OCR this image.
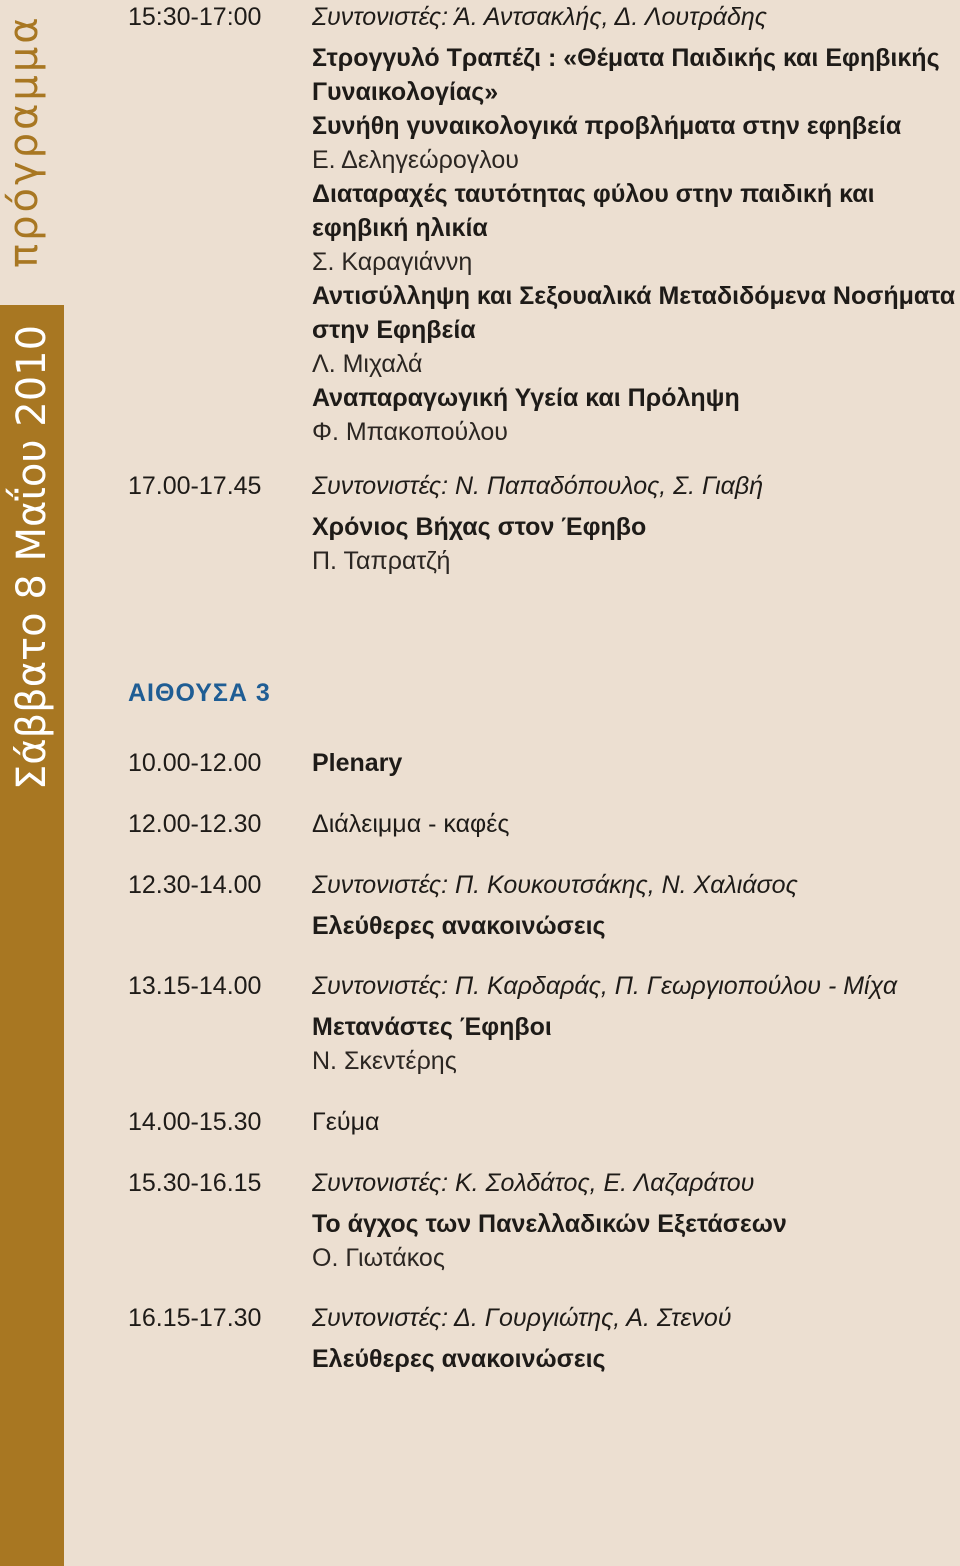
πρόγραμμα
Σάββατο 8 Μαΐου 2010
15:30-17:00 Συντονιστές: Ά. Αντσακλής, Δ. Λουτράδης
Στρογγυλό Τραπέζι : «Θέματα Παιδικής και Εφηβικής Γυναικολογίας»
Συνήθη γυναικολογικά προβλήματα στην εφηβεία
Ε. Δεληγεώρογλου
Διαταραχές ταυτότητας φύλου στην παιδική και εφηβική ηλικία
Σ. Καραγιάννη
Αντισύλληψη και Σεξουαλικά Μεταδιδόμενα Νοσήματα στην Εφηβεία
Λ. Μιχαλά
Αναπαραγωγική Υγεία και Πρόληψη
Φ. Μπακοπούλου
17.00-17.45 Συντονιστές: Ν. Παπαδόπουλος, Σ. Γιαβή
Χρόνιος Βήχας στον Έφηβο
Π. Ταπρατζή
ΑΙΘΟΥΣΑ 3
10.00-12.00 Plenary
12.00-12.30 Διάλειμμα - καφές
12.30-14.00 Συντονιστές: Π. Κουκουτσάκης, Ν. Χαλιάσος
Ελεύθερες ανακοινώσεις
13.15-14.00 Συντονιστές: Π. Καρδαράς, Π. Γεωργιοπούλου - Μίχα
Μετανάστες Έφηβοι
Ν. Σκεντέρης
14.00-15.30 Γεύμα
15.30-16.15 Συντονιστές: Κ. Σολδάτος, Ε. Λαζαράτου
Το άγχος των Πανελλαδικών Εξετάσεων
Ο. Γιωτάκος
16.15-17.30 Συντονιστές: Δ. Γουργιώτης, Α. Στενού
Ελεύθερες ανακοινώσεις
